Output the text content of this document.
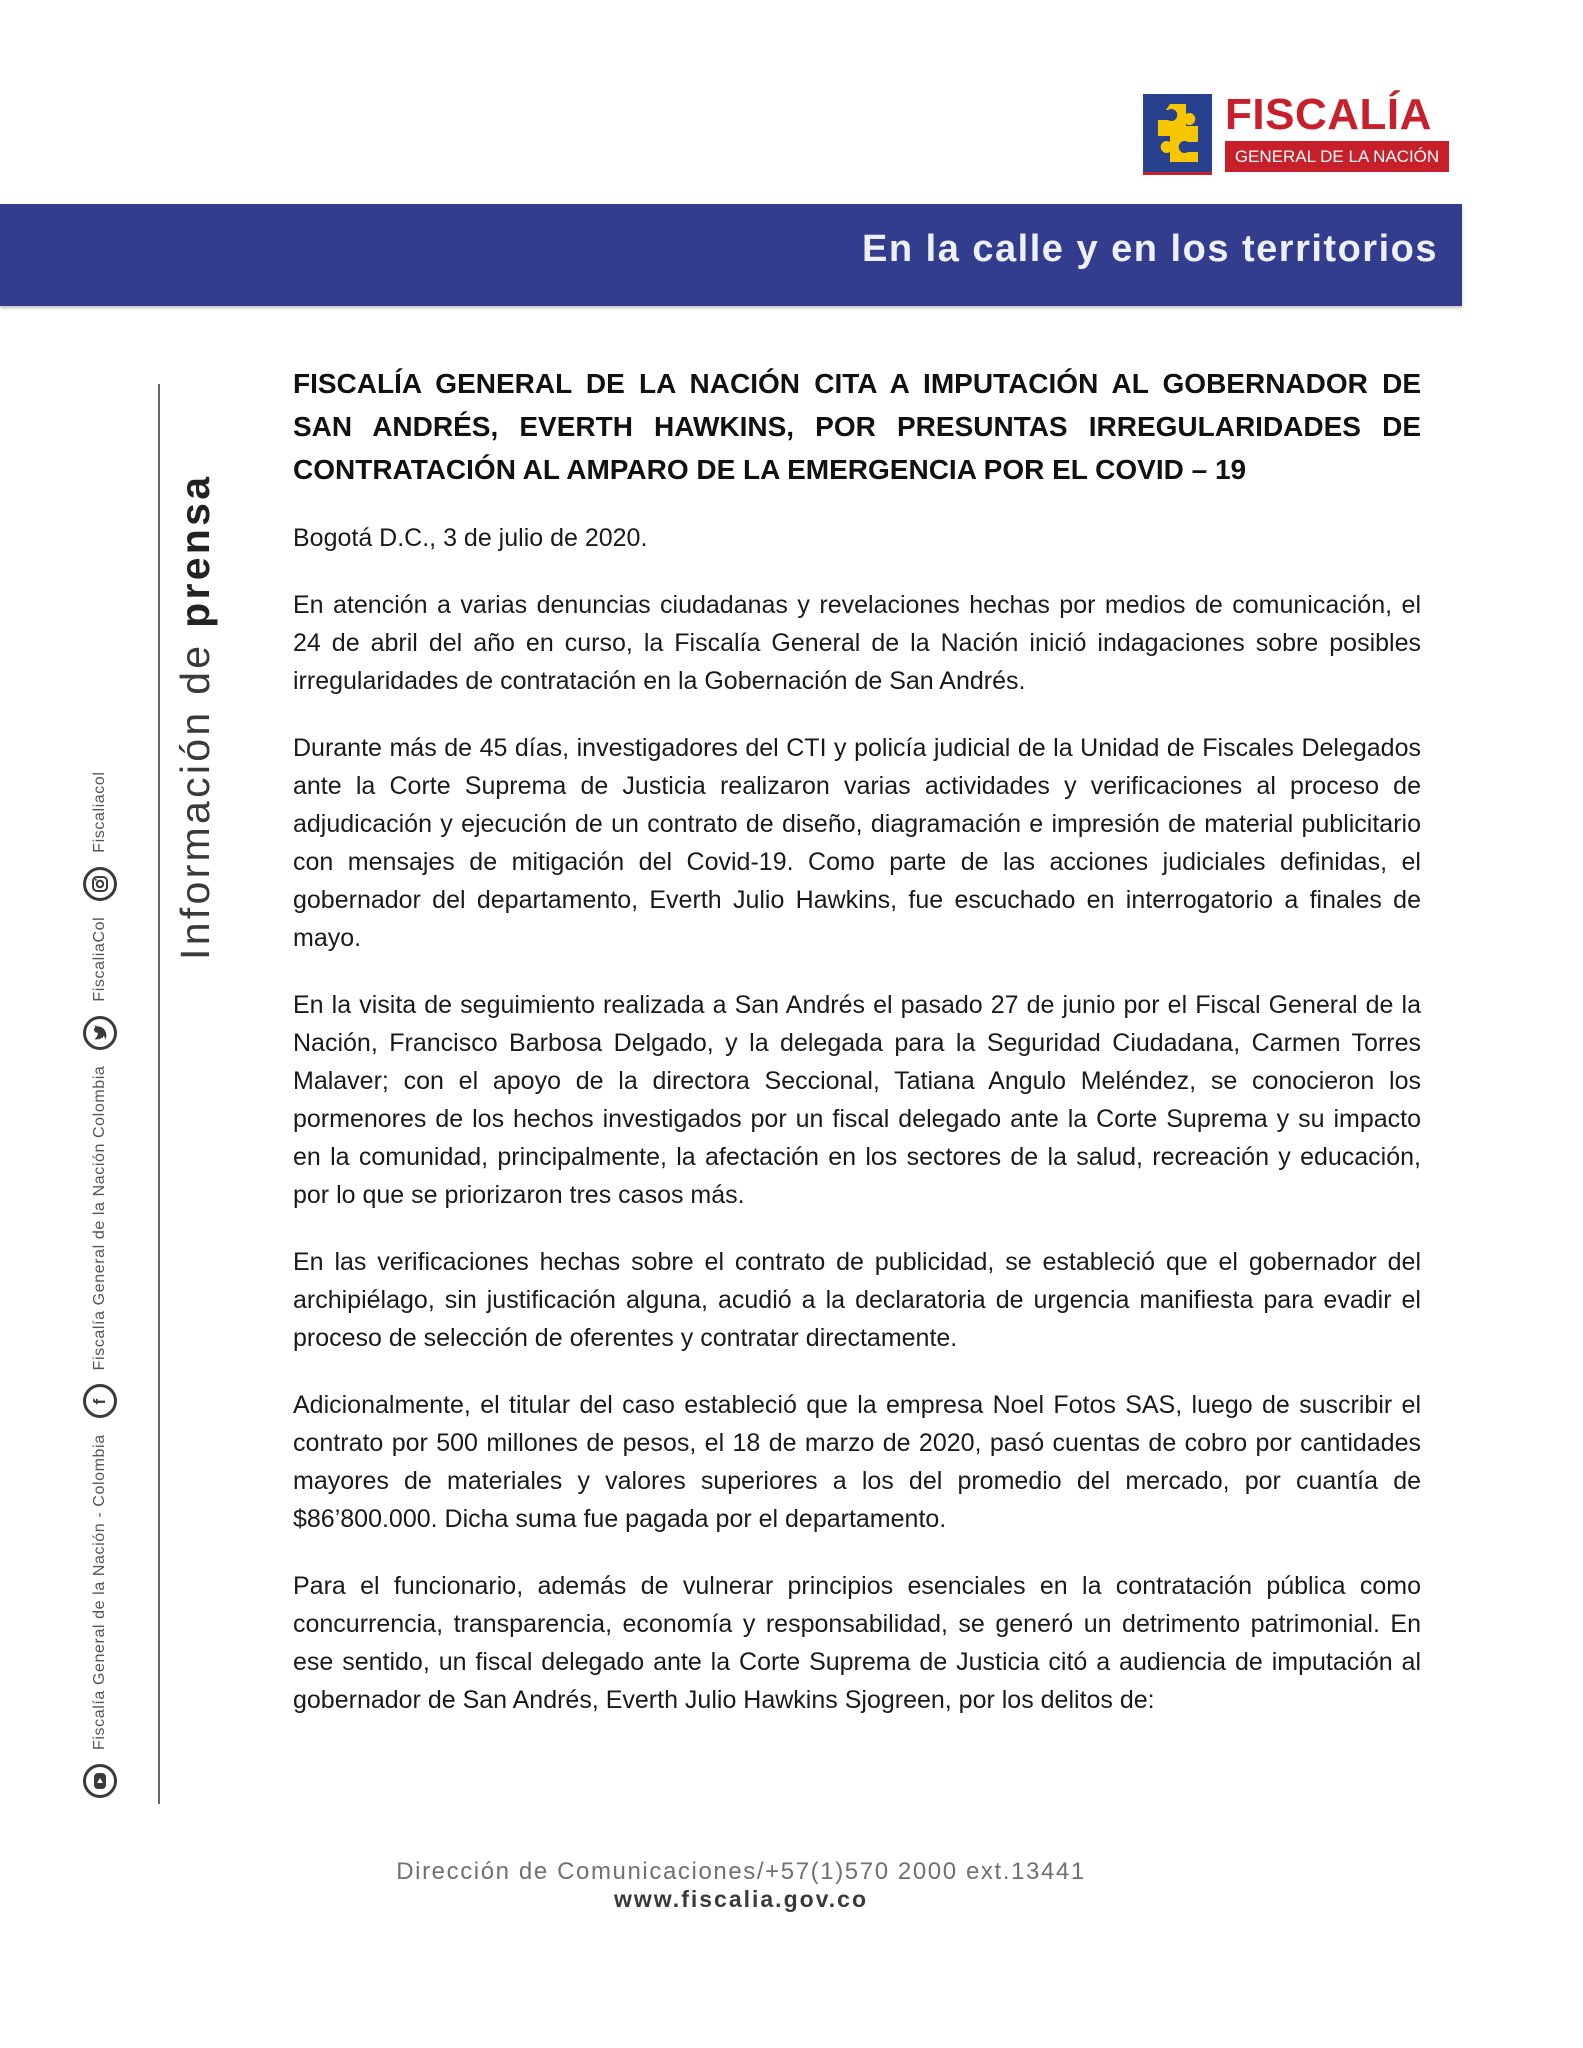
FISCALÍA
GENERAL DE LA NACIÓN
En la calle y en los territorios
Fiscalía General de la Nación - Colombia
f
Fiscalía General de la Nación Colombia
FiscaliaCol
Fiscaliacol Información de prensa

FISCALÍA GENERAL DE LA NACIÓN CITA A IMPUTACIÓN AL GOBERNADOR DE SAN ANDRÉS, EVERTH HAWKINS, POR PRESUNTAS IRREGULARIDADES DE CONTRATACIÓN AL AMPARO DE LA EMERGENCIA POR EL COVID – 19

Bogotá D.C., 3 de julio de 2020.

En atención a varias denuncias ciudadanas y revelaciones hechas por medios de comunicación, el 24 de abril del año en curso, la Fiscalía General de la Nación inició indagaciones sobre posibles irregularidades de contratación en la Gobernación de San Andrés.

Durante más de 45 días, investigadores del CTI y policía judicial de la Unidad de Fiscales Delegados ante la Corte Suprema de Justicia realizaron varias actividades y verificaciones al proceso de adjudicación y ejecución de un contrato de diseño, diagramación e impresión de material publicitario con mensajes de mitigación del Covid-19. Como parte de las acciones judiciales definidas, el gobernador del departamento, Everth Julio Hawkins, fue escuchado en interrogatorio a finales de mayo.

En la visita de seguimiento realizada a San Andrés el pasado 27 de junio por el Fiscal General de la Nación, Francisco Barbosa Delgado, y la delegada para la Seguridad Ciudadana, Carmen Torres Malaver; con el apoyo de la directora Seccional, Tatiana Angulo Meléndez, se conocieron los pormenores de los hechos investigados por un fiscal delegado ante la Corte Suprema y su impacto en la comunidad, principalmente, la afectación en los sectores de la salud, recreación y educación, por lo que se priorizaron tres casos más.

En las verificaciones hechas sobre el contrato de publicidad, se estableció que el gobernador del archipiélago, sin justificación alguna, acudió a la declaratoria de urgencia manifiesta para evadir el proceso de selección de oferentes y contratar directamente.

Adicionalmente, el titular del caso estableció que la empresa Noel Fotos SAS, luego de suscribir el contrato por 500 millones de pesos, el 18 de marzo de 2020, pasó cuentas de cobro por cantidades mayores de materiales y valores superiores a los del promedio del mercado, por cuantía de $86’800.000. Dicha suma fue pagada por el departamento.

Para el funcionario, además de vulnerar principios esenciales en la contratación pública como concurrencia, transparencia, economía y responsabilidad, se generó un detrimento patrimonial. En ese sentido, un fiscal delegado ante la Corte Suprema de Justicia citó a audiencia de imputación al gobernador de San Andrés, Everth Julio Hawkins Sjogreen, por los delitos de:

Dirección de Comunicaciones/+57(1)570 2000 ext.13441
www.fiscalia.gov.co
